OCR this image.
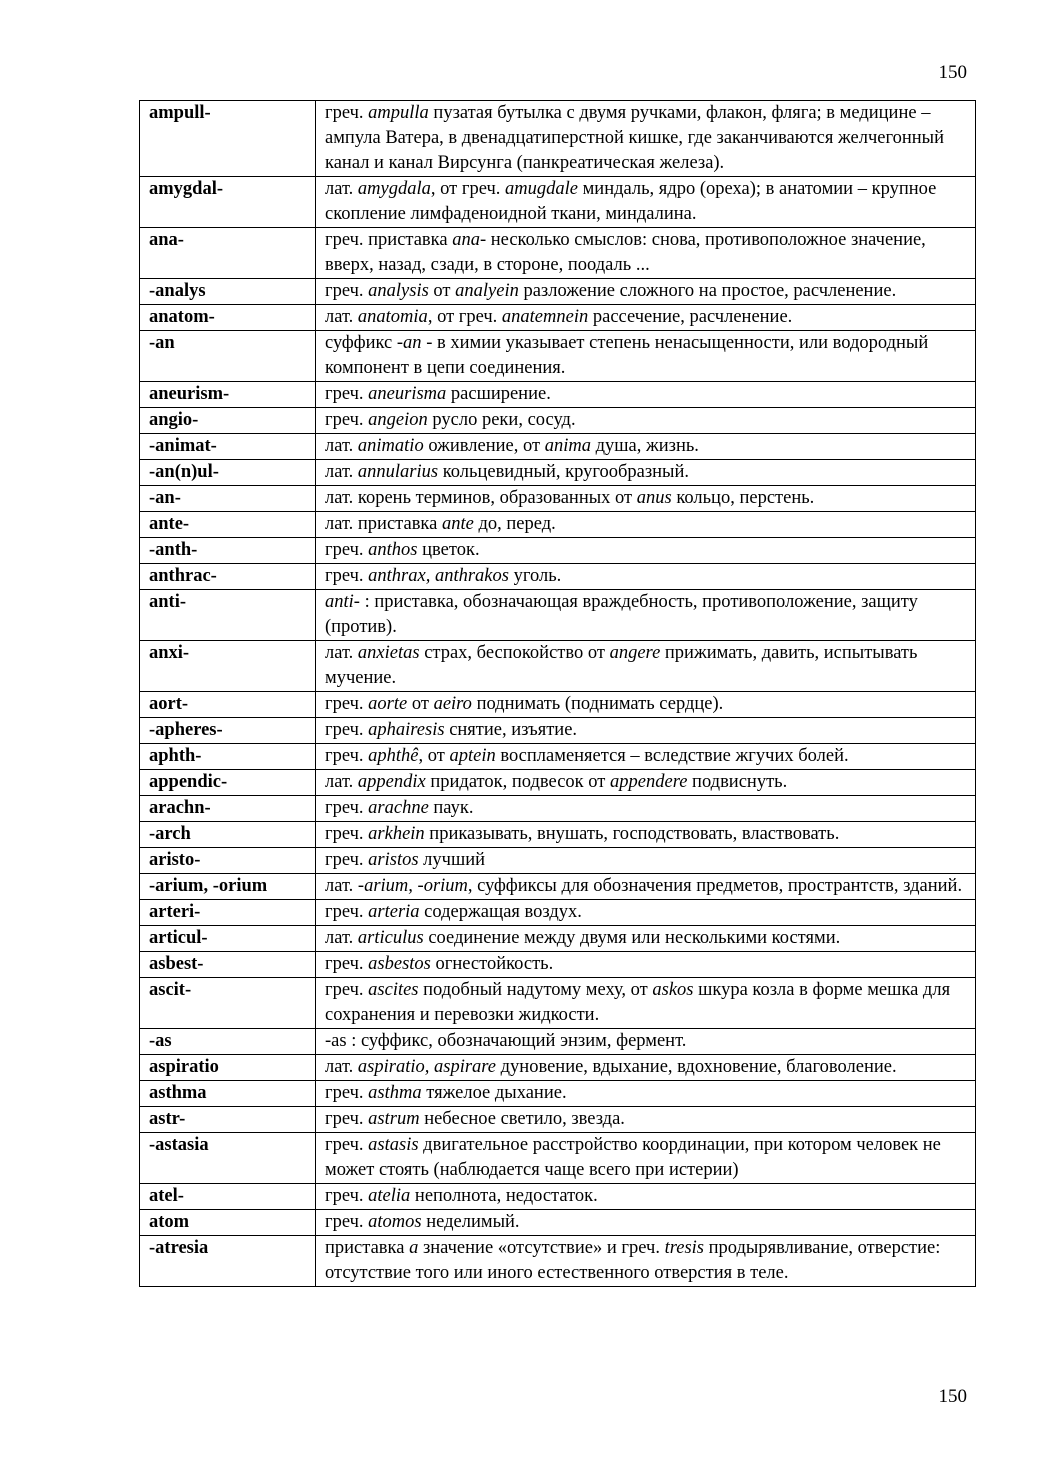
150
ampull-	греч. ampulla пузатая бутылка с двумя ручками, флакон, фляга; в медицине – ампула Ватера, в двенадцатиперстной кишке, где заканчиваются желчегонный канал и канал Вирсунга (панкреатическая железа).
amygdal-	лат. amygdala, от греч. amugdale миндаль, ядро (ореха); в анатомии – крупное скопление лимфаденоидной ткани, миндалина.
ana-	греч. приставка ana- несколько смыслов: снова, противоположное значение, вверх, назад, сзади, в стороне, поодаль ...
-analys	греч. analysis от analyein разложение сложного на простое, расчленение.
anatom-	лат. anatomia, от греч. anatemnein рассечение, расчленение.
-an	суффикс -an - в химии указывает степень ненасыщенности, или водородный компонент в цепи соединения.
aneurism-	греч. aneurisma расширение.
angio-	греч. angeion русло реки, сосуд.
-animat-	лат. animatio оживление, от anima душа, жизнь.
-an(n)ul-	лат. annularius кольцевидный, кругообразный.
-an-	лат. корень терминов, образованных от anus кольцо, перстень.
ante-	лат. приставка ante до, перед.
-anth-	греч. anthos цветок.
anthrac-	греч. anthrax, anthrakos уголь.
anti-	anti- : приставка, обозначающая враждебность, противоположение, защиту (против).
anxi-	лат. anxietas страх, беспокойство от angere прижимать, давить, испытывать мучение.
aort-	греч. aorte от aeiro поднимать (поднимать сердце).
-apheres-	греч. aphairesis снятие, изъятие.
aphth-	греч. aphthê, от aptein воспламеняется – вследствие жгучих болей.
appendic-	лат. appendix придаток, подвесок от appendere подвиснуть.
arachn-	греч. arachne паук.
-arch	греч. arkhein приказывать, внушать, господствовать, властвовать.
aristo-	греч. aristos лучший
-arium, -orium	лат. -arium, -orium, суффиксы для обозначения предметов, пространтств, зданий.
arteri-	греч. arteria содержащая воздух.
articul-	лат. articulus соединение между двумя или несколькими костями.
asbest-	греч. asbestos огнестойкость.
ascit-	греч. ascites подобный надутому меху, от askos шкура козла в форме мешка для сохранения и перевозки жидкости.
-as	-as : суффикс, обозначающий энзим, фермент.
aspiratio	лат. aspiratio, aspirare дуновение, вдыхание, вдохновение, благоволение.
asthma	греч. asthma тяжелое дыхание.
astr-	греч. astrum небесное светило, звезда.
-astasia	греч. astasis двигательное расстройство координации, при котором человек не может стоять (наблюдается чаще всего при истерии)
atel-	греч. atelia неполнота, недостаток.
atom	греч. atomos неделимый.
-atresia	приставка a значение «отсутствие» и греч. tresis продырявливание, отверстие: отсутствие того или иного естественного отверстия в теле.
150
